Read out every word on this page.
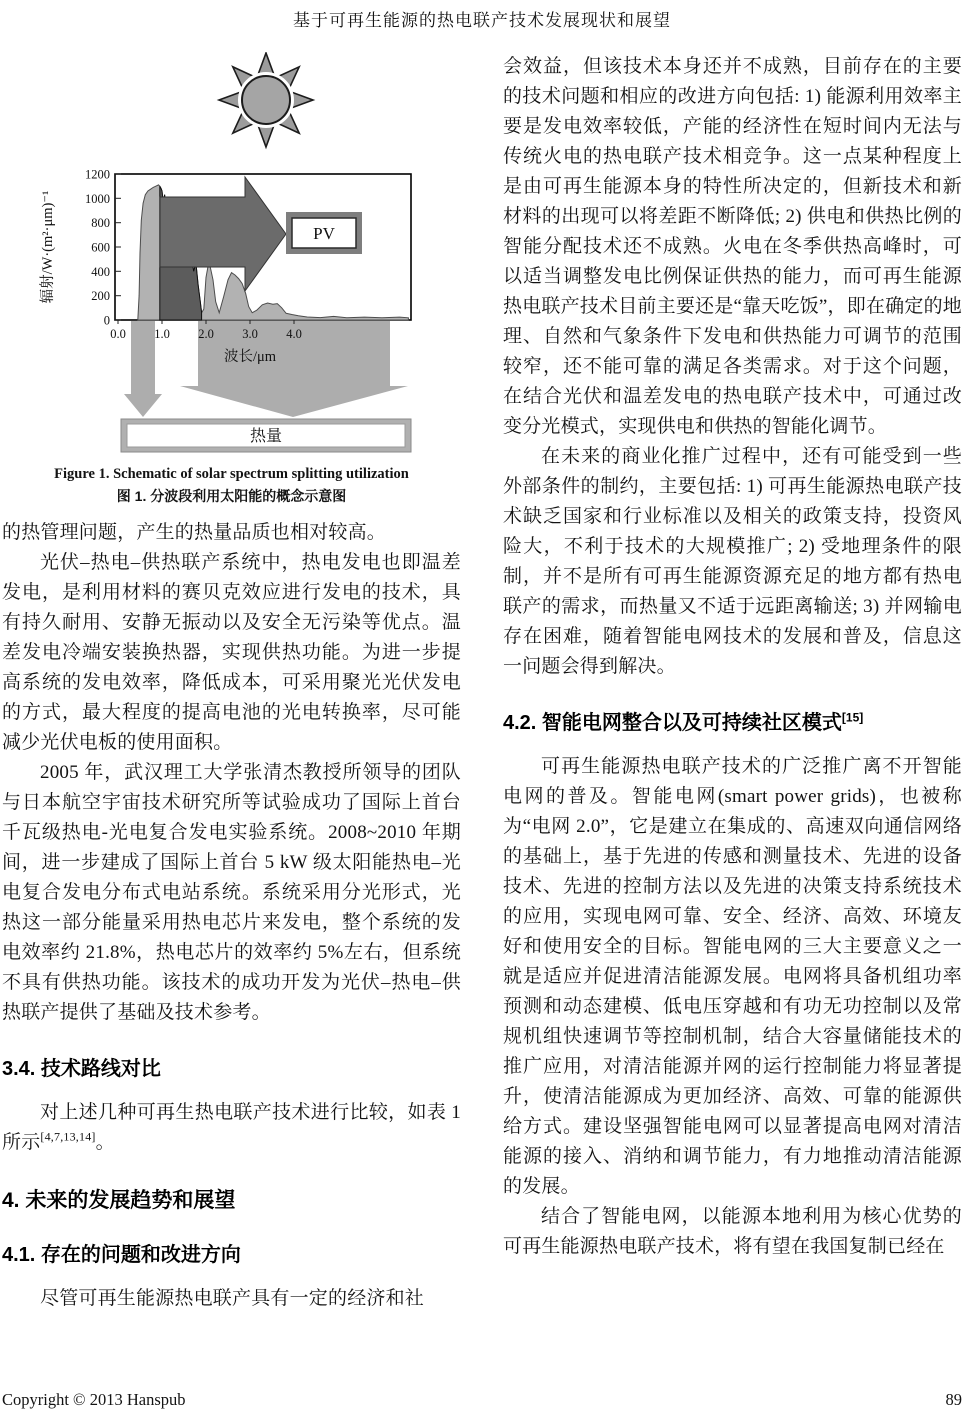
基于可再生能源的热电联产技术发展现状和展望
PV
0
200
400
600
800
1000
1200
辐射/W·(m²·μm)⁻¹
0.0 1.0 2.0 3.0 4.0
波长/μm
热量
Figure 1. Schematic of solar spectrum splitting utilization
图 1. 分波段利用太阳能的概念示意图

的热管理问题，产生的热量品质也相对较高。

光伏–热电–供热联产系统中，热电发电也即温差发电，是利用材料的赛贝克效应进行发电的技术，具有持久耐用、安静无振动以及安全无污染等优点。温差发电冷端安装换热器，实现供热功能。为进一步提高系统的发电效率，降低成本，可采用聚光光伏发电的方式，最大程度的提高电池的光电转换率，尽可能减少光伏电板的使用面积。

2005 年，武汉理工大学张清杰教授所领导的团队与日本航空宇宙技术研究所等试验成功了国际上首台千瓦级热电-光电复合发电实验系统。2008~2010 年期间，进一步建成了国际上首台 5 kW 级太阳能热电–光电复合发电分布式电站系统。系统采用分光形式，光热这一部分能量采用热电芯片来发电，整个系统的发电效率约 21.8%，热电芯片的效率约 5%左右，但系统不具有供热功能。该技术的成功开发为光伏–热电–供热联产提供了基础及技术参考。

3.4. 技术路线对比

对上述几种可再生热电联产技术进行比较，如表 1 所示[4,7,13,14]。

4. 未来的发展趋势和展望
4.1. 存在的问题和改进方向

尽管可再生能源热电联产具有一定的经济和社

会效益，但该技术本身还并不成熟，目前存在的主要的技术问题和相应的改进方向包括: 1) 能源利用效率主要是发电效率较低，产能的经济性在短时间内无法与传统火电的热电联产技术相竞争。这一点某种程度上是由可再生能源本身的特性所决定的，但新技术和新材料的出现可以将差距不断降低; 2) 供电和供热比例的智能分配技术还不成熟。火电在冬季供热高峰时，可以适当调整发电比例保证供热的能力，而可再生能源热电联产技术目前主要还是“靠天吃饭”，即在确定的地理、自然和气象条件下发电和供热能力可调节的范围较窄，还不能可靠的满足各类需求。对于这个问题，在结合光伏和温差发电的热电联产技术中，可通过改变分光模式，实现供电和供热的智能化调节。

在未来的商业化推广过程中，还有可能受到一些外部条件的制约，主要包括: 1) 可再生能源热电联产技术缺乏国家和行业标准以及相关的政策支持，投资风险大，不利于技术的大规模推广; 2) 受地理条件的限制，并不是所有可再生能源资源充足的地方都有热电联产的需求，而热量又不适于远距离输送; 3) 并网输电存在困难，随着智能电网技术的发展和普及，信息这一问题会得到解决。

4.2. 智能电网整合以及可持续社区模式[15]

可再生能源热电联产技术的广泛推广离不开智能电网的普及。智能电网(smart power grids)，也被称为“电网 2.0”，它是建立在集成的、高速双向通信网络的基础上，基于先进的传感和测量技术、先进的设备技术、先进的控制方法以及先进的决策支持系统技术的应用，实现电网可靠、安全、经济、高效、环境友好和使用安全的目标。智能电网的三大主要意义之一就是适应并促进清洁能源发展。电网将具备机组功率预测和动态建模、低电压穿越和有功无功控制以及常规机组快速调节等控制机制，结合大容量储能技术的推广应用，对清洁能源并网的运行控制能力将显著提升，使清洁能源成为更加经济、高效、可靠的能源供给方式。建设坚强智能电网可以显著提高电网对清洁能源的接入、消纳和调节能力，有力地推动清洁能源的发展。

结合了智能电网，以能源本地利用为核心优势的可再生能源热电联产技术，将有望在我国复制已经在

Copyright © 2013 Hanspub	89
